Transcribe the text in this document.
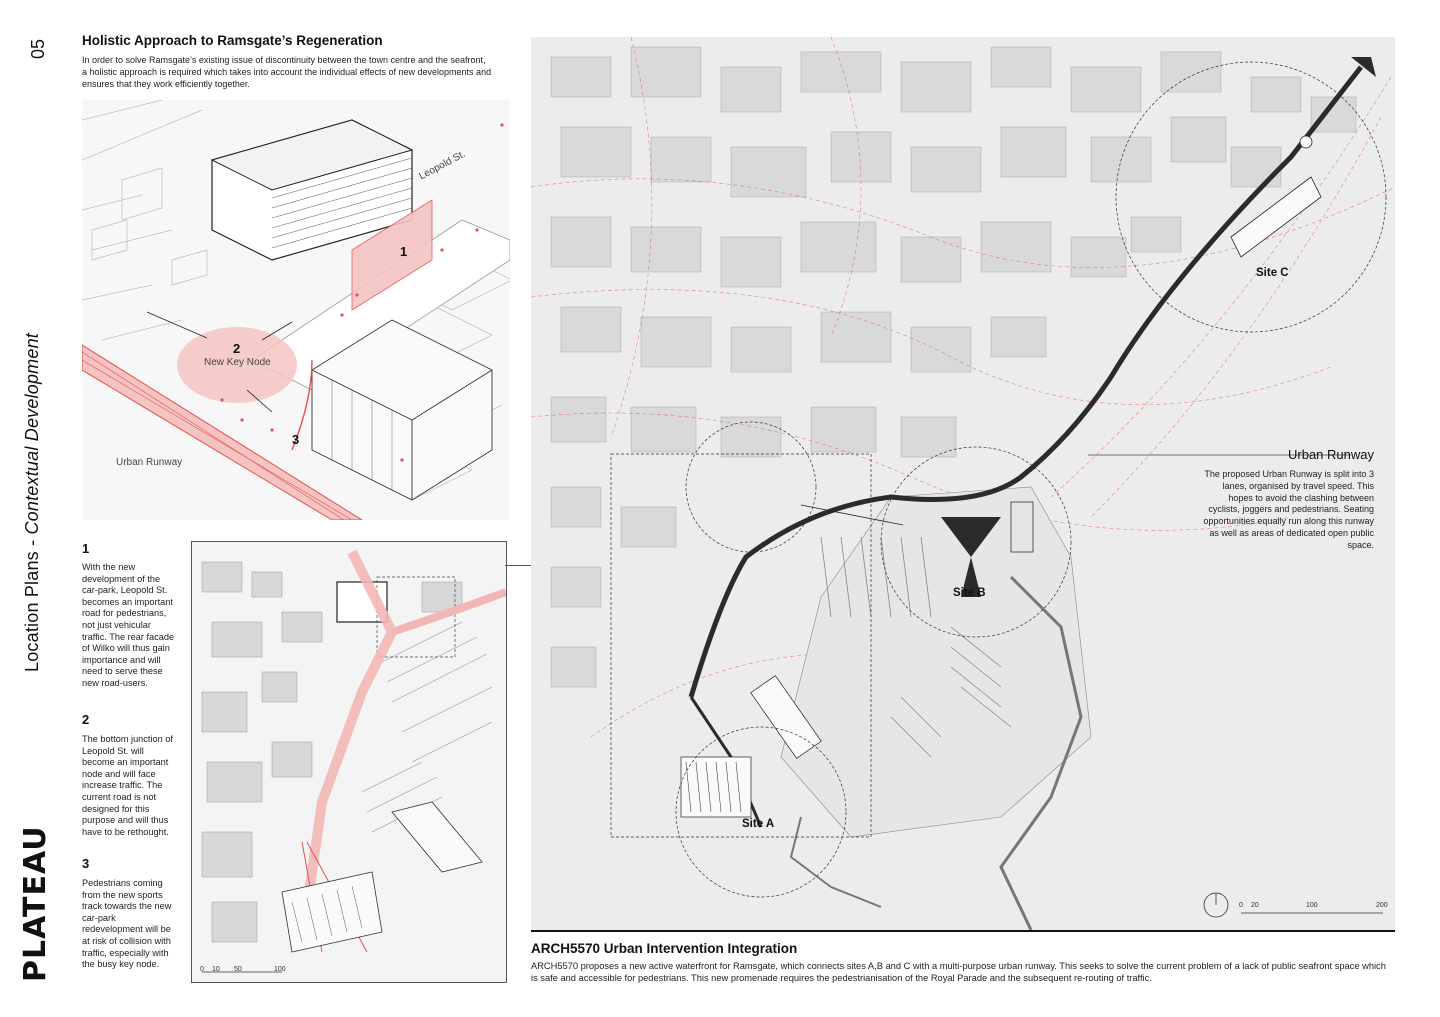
05
Location Plans - Contextual Development
PLATEAU
Holistic Approach to Ramsgate’s Regeneration
In order to solve Ramsgate’s existing issue of discontinuity between the town centre and the seafront, a holistic approach is required which takes into account the individual effects of new developments and ensures that they work efficiently together.
Leopold St.
1
2
New Key Node
3
Urban Runway
1
With the new development of the car-park, Leopold St. becomes an important road for pedestrians, not just vehicular traffic. The rear facade of Wilko will thus gain importance and will need to serve these new road-users.
2
The bottom junction of Leopold St. will become an important node and will face increase traffic. The current road is not designed for this purpose and will thus have to be rethought.
3
Pedestrians coming from the new sports track towards the new car-park redevelopment will be at risk of collision with traffic, especially with the busy key node.
0 10 50	100
Site A
Site B
Site C
0 20	100	200
Urban Runway
The proposed Urban Runway is split into 3 lanes, organised by travel speed. This hopes to avoid the clashing between cyclists, joggers and pedestrians. Seating opportunities equally run along this runway as well as areas of dedicated open public space.
ARCH5570 Urban Intervention Integration
ARCH5570 proposes a new active waterfront for Ramsgate, which connects sites A,B and C with a multi-purpose urban runway. This seeks to solve the current problem of a lack of public seafront space which is safe and accessible for pedestrians. This new promenade requires the pedestrianisation of the Royal Parade and the subsequent re-routing of traffic.
